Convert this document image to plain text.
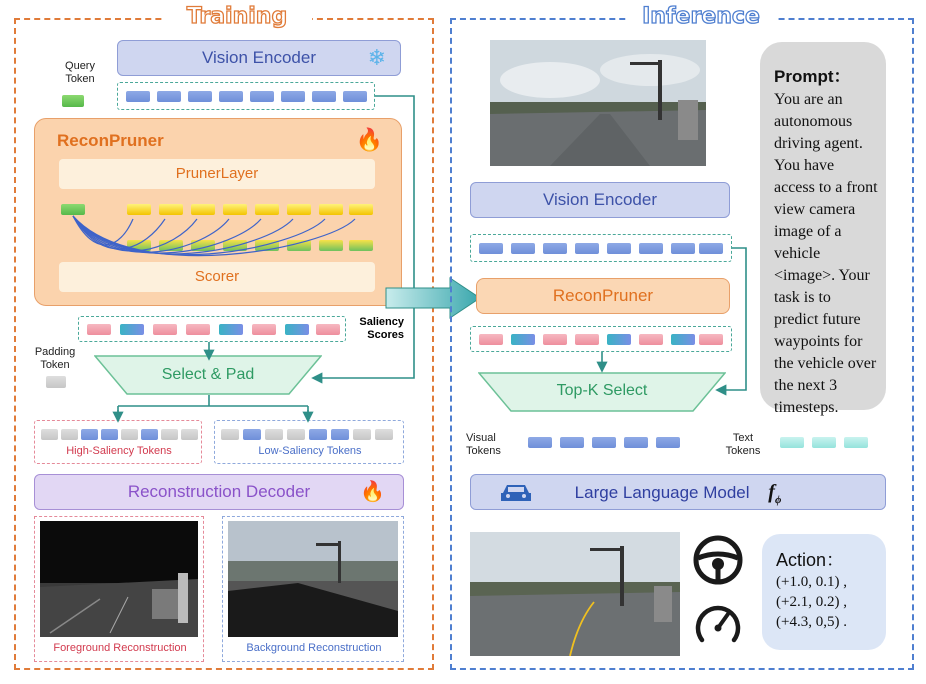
Training
Vision Encoder ❄
Query Token
ReconPruner	🔥
PrunerLayer
Scorer
Saliency Scores
Padding Token
Select & Pad
High-Saliency Tokens	Low-Saliency Tokens
Reconstruction Decoder 🔥
Foreground Reconstruction	Background Reconstruction
Inference
Prompt：
You are an autonomous driving agent. You have access to a front view camera image of a vehicle <image>. Your task is to predict future waypoints for the vehicle over the next 3 timesteps.
Vision Encoder
ReconPruner
Top-K Select
Visual Tokens
Text Tokens
Large Language Model $f_\phi$
Action：
(+1.0, 0.1) ,
(+2.1, 0.2) ,
(+4.3, 0,5) .
